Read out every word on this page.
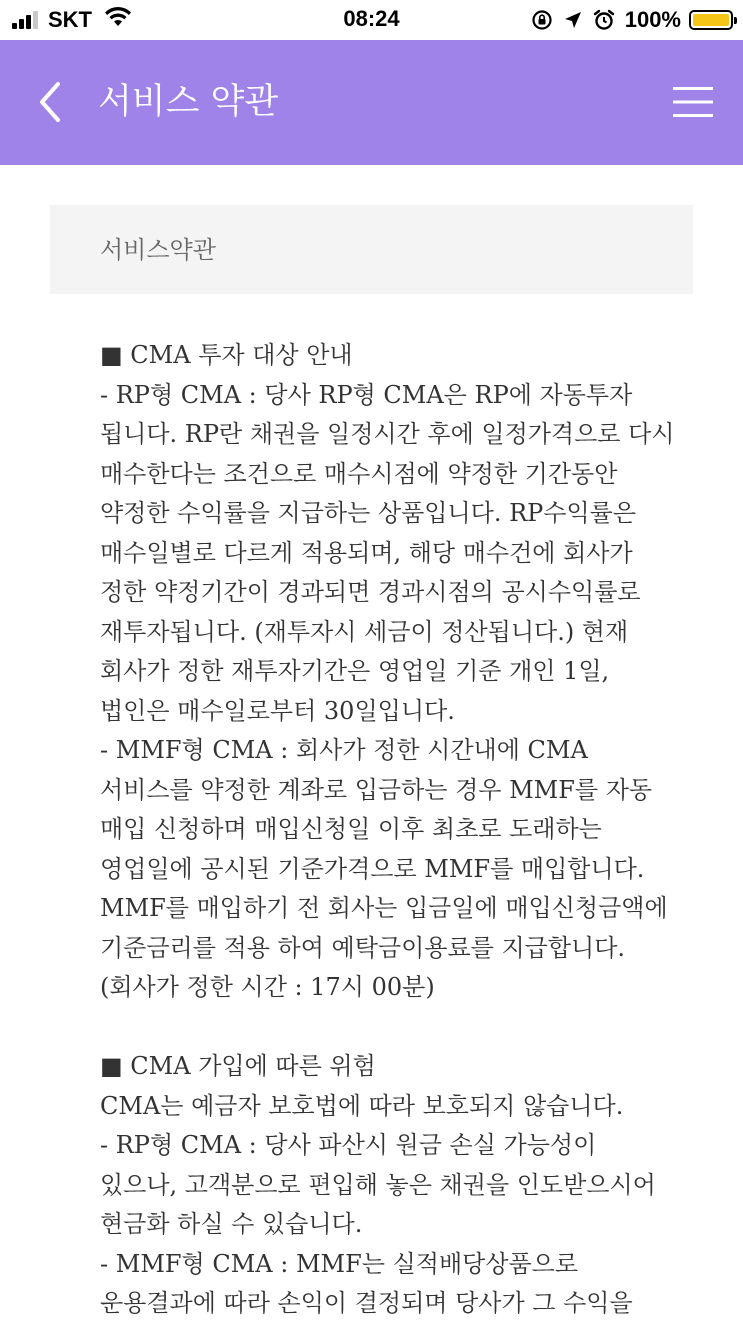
SKT	08:24	100%
서비스 약관
서비스약관
■ CMA 투자 대상 안내
- RP형 CMA : 당사 RP형 CMA은 RP에 자동투자
됩니다. RP란 채권을 일정시간 후에 일정가격으로 다시
매수한다는 조건으로 매수시점에 약정한 기간동안
약정한 수익률을 지급하는 상품입니다. RP수익률은
매수일별로 다르게 적용되며, 해당 매수건에 회사가
정한 약정기간이 경과되면 경과시점의 공시수익률로
재투자됩니다. (재투자시 세금이 정산됩니다.) 현재
회사가 정한 재투자기간은 영업일 기준 개인 1일,
법인은 매수일로부터 30일입니다.
- MMF형 CMA : 회사가 정한 시간내에 CMA
서비스를 약정한 계좌로 입금하는 경우 MMF를 자동
매입 신청하며 매입신청일 이후 최초로 도래하는
영업일에 공시된 기준가격으로 MMF를 매입합니다.
MMF를 매입하기 전 회사는 입금일에 매입신청금액에
기준금리를 적용 하여 예탁금이용료를 지급합니다.
(회사가 정한 시간 : 17시 00분)
■ CMA 가입에 따른 위험
CMA는 예금자 보호법에 따라 보호되지 않습니다.
- RP형 CMA : 당사 파산시 원금 손실 가능성이
있으나, 고객분으로 편입해 놓은 채권을 인도받으시어
현금화 하실 수 있습니다.
- MMF형 CMA : MMF는 실적배당상품으로
운용결과에 따라 손익이 결정되며 당사가 그 수익을
